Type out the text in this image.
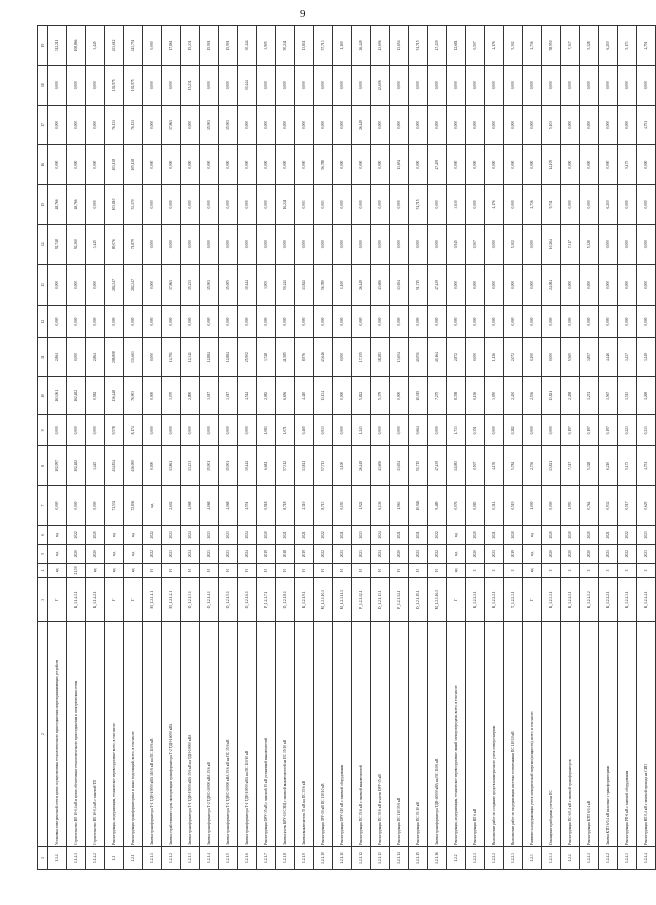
9
1	2	3	4	5	6	7	8	9	10	11	12	13	14	15	16	17	18	19
1.1.4	Установка электрической сети в целях осуществления технологического присоединения энергопринимающих устройств	Г	нд	нд	нд	0,000	102,997	0,000	163,061	2,864	0,000	0,000	92,748	48,766	0,000	0,000	0,000	312,211
1.1.4.1	Строительство ВЛ 10-0,4 кВ в целях обеспечения технологического присоединения к электрическим сетям	К_1.1.4.1.1	21,50	2020	2022	0,000	102,482	0,000	162,482	0,000	0,000	0,000	92,360	48,766	0,000	0,000	0,000	108,866
1.1.4.2	Строительство ВЛ 10-0,4 кВ с заменой ТП	К_1.1.4.2.1	нд	2020	2020	0,000	3,445	0,000	0,582	2,864	0,000	0,000	3,445	0,000	0,000	0,000	0,000	3,445
1.2	Реконструкция, модернизация, техническое перевооружение всего, в том числе:	Г	нд	нд	нд	71,532	414,834	9,578	136,448	208,808	0,000	284,347	80,076	103,810	103,138	76,131	102,975	433,612
1.2.1	Реконструкция трансформаторных и иных подстанций, всего, в том числе:	Г	нд	нд	нд	72,836	416,000	8,174	76,903	333,663	0,000	284,347	71,879	53,170	105,138	76,131	102,975	413,751
1.2.1.1	Замена трансформатора Т-1 ТДН-10000 кВА 110/6 кВ на ПС 110/6 кВ	М_1.2.1.1.1	Н	2022	2022	нд	0,000	0,000	0,000	0,000	0,000	0,000	0,000	0,000	0,000	0,000	0,000	0,000
1.2.1.2	Замена отработавшего срок эксплуатации трансформатора Т-2 ТДН-16000 кВА	М_1.2.1.2.1	Н	2023	2023	2,602	13,861	0,000	3,070	14,791	0,000	17,861	0,000	0,000	0,000	17,861	0,000	17,861
1.2.1.3	Замена трансформатора Т-1 ТДН-15000 кВА 35/6 кВ на ТДН-10000 кВА	О_1.2.1.3.1	Н	2024	2024	4,068	13,231	0,000	2,890	12,341	0,000	15,231	0,000	0,000	0,000	0,000	15,231	15,231
1.2.1.4	Замена трансформатора Т-2 ТДНС-10000 кВА 35/6 кВ	О_1.2.1.4.1	Н	2023	2023	4,068	15,901	0,000	3,017	12,884	0,000	15,901	0,000	0,000	0,000	15,901	0,000	15,901
1.2.1.5	Замена трансформатора Т-1 ТДНС-10000 кВА 35/6 кВ на ПС 35/6 кВ	О_1.2.1.5.1	Н	2023	2023	4,068	15,901	0,000	3,017	12,884	0,000	15,005	0,000	0,000	0,000	15,901	0,000	15,901
1.2.1.6	Замена трансформатора Т-1 ТДН-10000 кВА на ПС 110/10 кВ	О_1.2.1.6.1	Н	2024	2024	4,551	30,444	0,000	4,542	25,902	0,000	30,444	0,000	0,000	0,000	0,000	30,444	30,444
1.2.1.7	Реконструкция ОРУ-35 кВ с заменой 15 кВ установкой выключателей	Р_1.2.1.7.1	Н	2019	2020	0,918	6,681	1,083	2,083	3,748	0,000	3,905	0,000	0,000	0,000	0,000	0,000	3,905
1.2.1.8	Замена ячеек КРУ-10 СЭЩ с заменой выключателей на ПС 35/10 кВ	О_1.2.1.8.1	Н	2018	2021	8,718	57,312	1,071	6,656	41,585	0,000	50,241	0,000	16,241	0,000	0,000	0,000	50,241
1.2.1.9	Замена выключателя 35 кВ на ПС 35/6 кВ	К_1.2.1.9.1	Н	2019	2021	2,110	13,841	0,465	4,410	8,976	0,000	13,841	0,000	0,003	0,000	0,000	0,000	13,811
1.2.1.10	Реконструкция ЗРУ-10 кВ ПС 110/10 кВ	М_1.2.1.10.1	Н	2022	2022	8,713	57,713	0,933	13,134	43,646	0,000	56,780	0,000	0,003	56,780	0,000	0,000	57,713
1.2.1.11	Реконструкция ОРУ-110 кВ с заменой оборудования	М_1.2.1.11.1	Н	2021	2021	0,193	1,100	0,000	0,000	0,000	0,000	1,100	0,000	0,000	0,000	0,000	0,000	1,100
1.2.1.12	Реконструкция ПС 35/6 кВ с заменой выключателей	Р_1.2.1.12.1	Н	2023	2023	1,922	26,449	1,243	5,822	17,355	0,000	26,449	0,000	0,000	0,000	26,449	0,000	26,449
1.2.1.13	Реконструкция ПС 35/6 кВ в части ОРУ-35 кВ	О_1.2.1.13.1	Н	2024	2024	6,136	43,606	0,000	5,379	38,283	0,000	43,606	0,000	0,000	0,000	0,000	43,606	43,606
1.2.1.14	Реконструкция ПС 110/35/6 кВ	Р_1.2.1.14.1	Н	2020	2021	1,963	13,654	0,000	0,000	13,654	0,000	13,654	0,000	0,000	13,654	0,000	0,000	13,654
1.2.1.15	Реконструкция ПС 35/10 кВ	О_1.2.1.15.1	Н	2021	2021	10,926	51,715	0,664	10,015	40,051	0,000	51,715	0,000	51,715	0,000	0,000	0,000	51,715
1.2.1.16	Замена трансформатора ТДН-40000 кВА на ПС 110/6 кВ	М_1.2.1.16.1	Н	2022	2022	9,489	47,439	0,000	7,275	40,164	0,000	47,439	0,000	0,000	47,439	0,000	0,000	47,439
1.2.2	Реконструкция, модернизация, техническое перевооружение линий электропередачи, всего, в том числе:	Г	нд	нд	нд	0,076	14,083	1,733	8,358	2,872	0,000	0,000	0,945	3,630	0,000	0,000	0,000	12,681
1.2.2.1	Реконструкция ВЛ 6 кВ	К_1.2.2.1.1	З	2020	2020	0,083	0,507	0,351	0,156	0,000	0,000	0,000	0,507	0,000	0,000	0,000	0,000	0,507
1.2.2.2	Выполнение работ по созданию средств коммерческого учета электроэнергии	К_1.2.2.2.1	З	2021	2021	0,114	4,176	0,000	3,050	1,126	0,000	0,000	0,000	4,176	0,000	0,000	0,000	4,176
1.2.2.3	Выполнение работ по модернизации системы телемеханики ПС 110/10 кВ	Т_1.2.2.3.1	З	2019	2020	0,519	5,784	0,282	2,430	2,072	0,000	0,000	5,302	0,000	0,000	0,000	0,000	5,302
1.2.3	Развитие и модернизация учета электрической энергии (мощности), всего, в том числе:	Г	нд	нд	нд	1,000	2,736	0,000	2,536	0,200	0,000	0,000	0,000	2,736	0,000	0,000	0,000	2,736
1.2.3.1	Оснащение приборами учета на ПС	К_1.2.3.1.1	З	2020	2020	0,000	13,821	0,000	13,821	0,000	0,000	24,084	10,264	9,711	14,105	5,103	0,000	58,950
1.2.4	Реконструкция ПС 6/0,4 кВ с заменой трансформаторов	К_1.2.4.1.1	З	2020	2020	1,993	7,317	0,197	2,458	5,565	0,000	0,000	7,317	0,000	0,000	0,000	0,000	7,317
1.2.4.1	Реконструкция КТП 6/0,4 кВ	К_1.2.4.1.2	З	2020	2020	0,764	5,328	0,197	1,274	3,857	0,000	0,000	5,328	0,000	0,000	0,000	0,000	5,328
1.2.4.2	Замена КТП 6/0,4 кВ на новые с трансформаторами	К_1.2.4.2.1	З	2021	2021	0,932	6,210	0,197	1,567	4,446	0,000	0,000	0,000	6,210	0,000	0,000	0,000	6,210
1.2.4.3	Реконструкция РП-6 кВ с заменой оборудования	К_1.2.4.3.1	З	2022	2022	0,517	5,173	0,223	1,513	3,437	0,000	0,000	0,000	0,000	5,173	0,000	0,000	5,173
1.2.4.4	Реконструкция ВЛ 0,4 кВ с заменой провода на СИП	К_1.2.4.4.1	З	2023	2023	0,625	4,751	0,233	1,269	3,249	0,000	0,000	0,000	0,000	0,000	4,751	0,000	4,751
